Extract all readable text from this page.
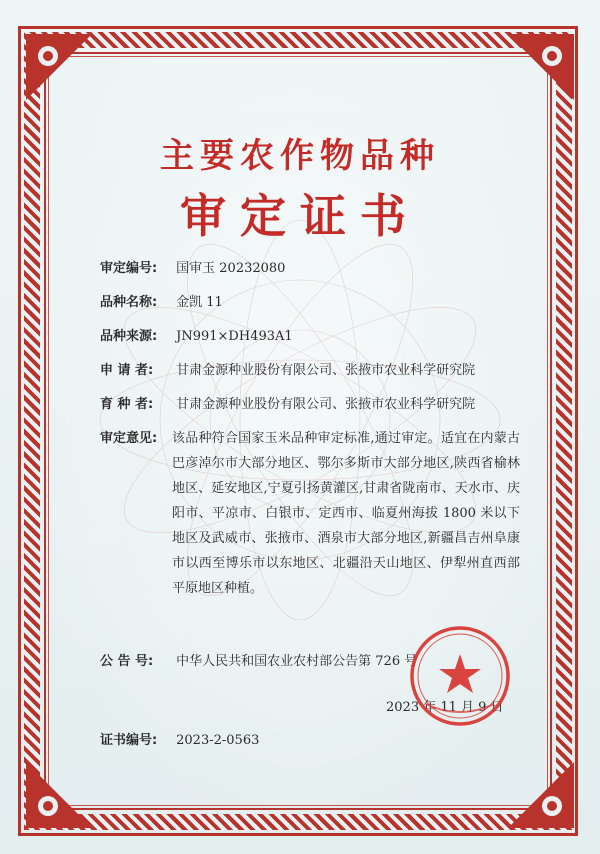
主要农作物品种
审定证书
审定编号: 国审玉 20232080
品种名称: 金凯 11
品种来源: JN991×DH493A1
申 请 者: 甘肃金源种业股份有限公司、张掖市农业科学研究院
育 种 者: 甘肃金源种业股份有限公司、张掖市农业科学研究院
审定意见:	该品种符合国家玉米品种审定标准,通过审定。适宜在内蒙古巴彦淖尔市大部分地区、鄂尔多斯市大部分地区,陕西省榆林地区、延安地区,宁夏引扬黄灌区,甘肃省陇南市、天水市、庆阳市、平凉市、白银市、定西市、临夏州海拔 1800 米以下地区及武威市、张掖市、酒泉市大部分地区,新疆昌吉州阜康市以西至博乐市以东地区、北疆沿天山地区、伊犁州直西部平原地区种植。
公 告 号: 中华人民共和国农业农村部公告第 726 号
2023 年 11 月 9 日
证书编号: 2023-2-0563
